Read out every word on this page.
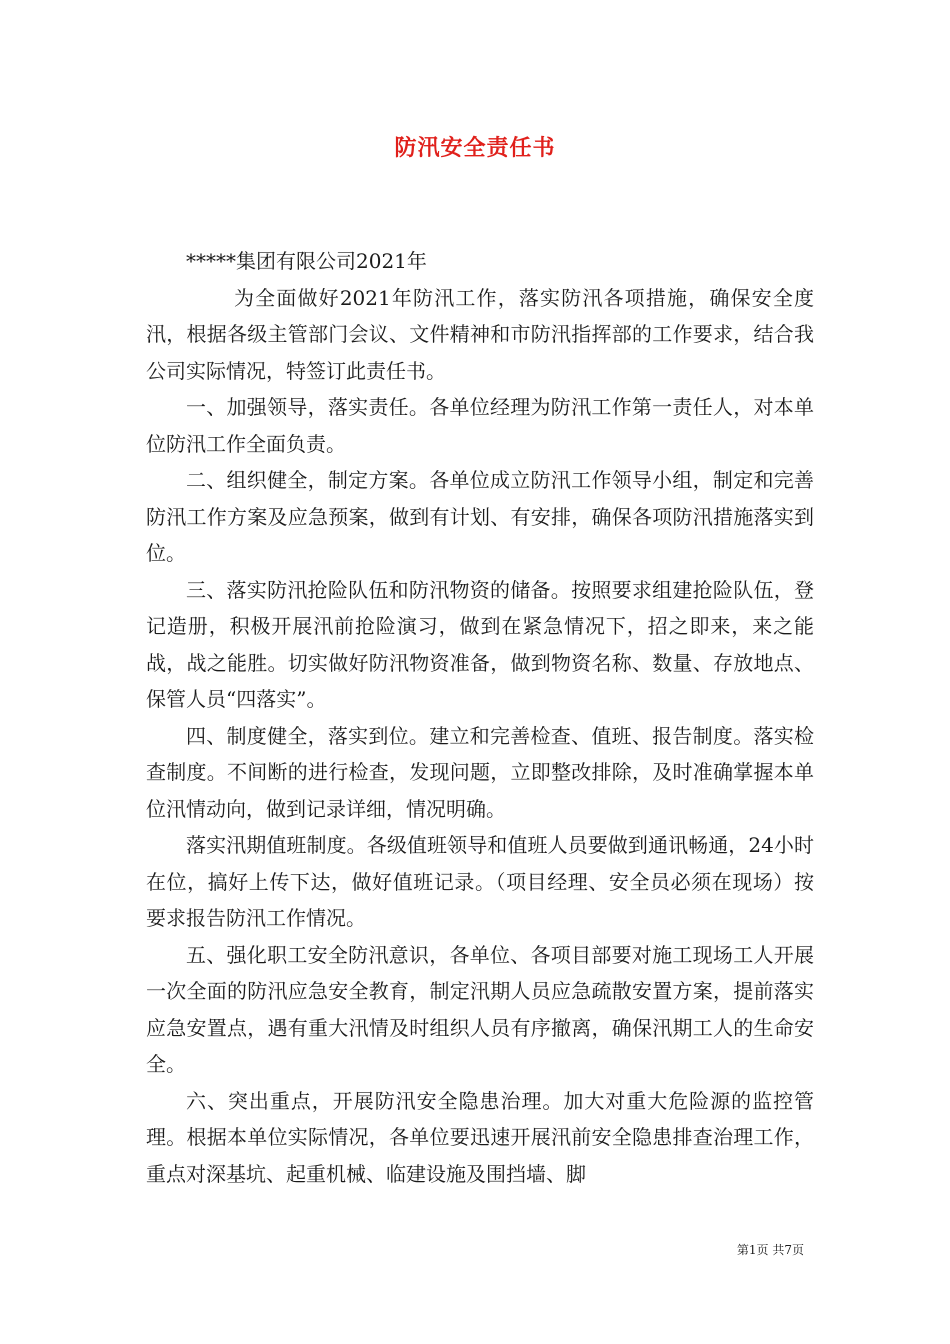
防汛安全责任书

*****集团有限公司2021年

为全面做好2021年防汛工作，落实防汛各项措施，确保安全度汛，根据各级主管部门会议、文件精神和市防汛指挥部的工作要求，结合我公司实际情况，特签订此责任书。

一、加强领导，落实责任。各单位经理为防汛工作第一责任人，对本单位防汛工作全面负责。

二、组织健全，制定方案。各单位成立防汛工作领导小组，制定和完善防汛工作方案及应急预案，做到有计划、有安排，确保各项防汛措施落实到位。

三、落实防汛抢险队伍和防汛物资的储备。按照要求组建抢险队伍，登记造册，积极开展汛前抢险演习，做到在紧急情况下，招之即来，来之能战，战之能胜。切实做好防汛物资准备，做到物资名称、数量、存放地点、保管人员“四落实”。

四、制度健全，落实到位。建立和完善检查、值班、报告制度。落实检查制度。不间断的进行检查，发现问题，立即整改排除，及时准确掌握本单位汛情动向，做到记录详细，情况明确。

落实汛期值班制度。各级值班领导和值班人员要做到通讯畅通，24小时在位，搞好上传下达，做好值班记录。（项目经理、安全员必须在现场）按要求报告防汛工作情况。

五、强化职工安全防汛意识，各单位、各项目部要对施工现场工人开展一次全面的防汛应急安全教育，制定汛期人员应急疏散安置方案，提前落实应急安置点，遇有重大汛情及时组织人员有序撤离，确保汛期工人的生命安全。

六、突出重点，开展防汛安全隐患治理。加大对重大危险源的监控管理。根据本单位实际情况，各单位要迅速开展汛前安全隐患排查治理工作，重点对深基坑、起重机械、临建设施及围挡墙、脚

第1页 共7页
